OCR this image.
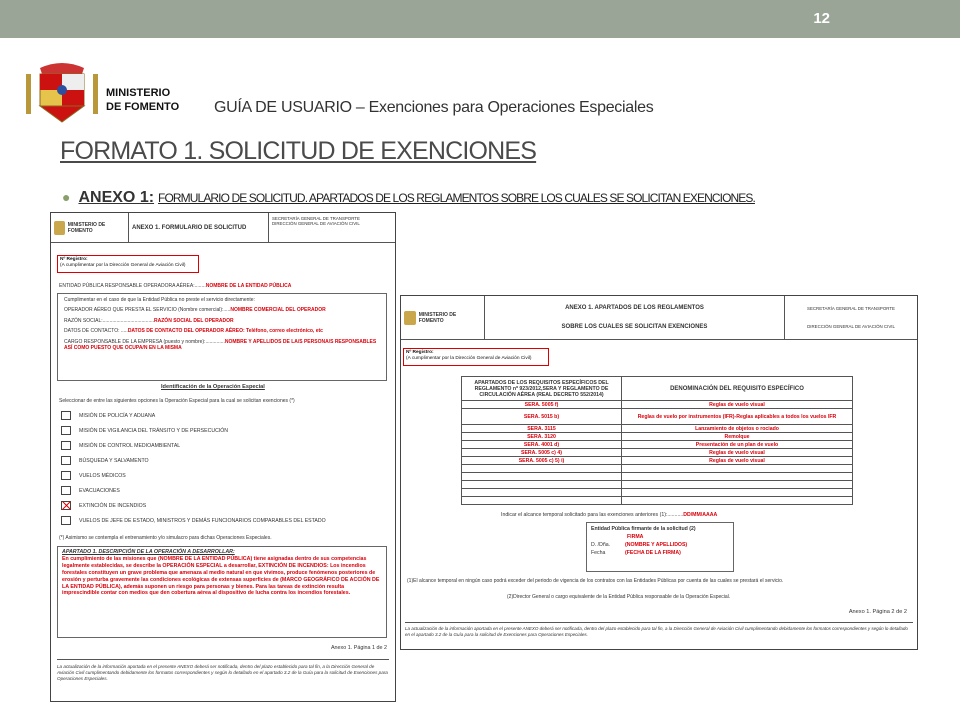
12
MINISTERIO
DE FOMENTO GUÍA DE USUARIO – Exenciones para Operaciones Especiales
FORMATO 1. SOLICITUD DE EXENCIONES
● ANEXO 1: FORMULARIO DE SOLICITUD. APARTADOS DE LOS REGLAMENTOS SOBRE LOS CUALES SE SOLICITAN EXENCIONES.
MINISTERIO DE FOMENTO	ANEXO 1. FORMULARIO DE SOLICITUD
SECRETARÍA GENERAL DE TRANSPORTE
DIRECCIÓN GENERAL DE AVIACIÓN CIVIL
Nº Registro:
(A cumplimentar por la Dirección General de Aviación Civil)
ENTIDAD PÚBLICA RESPONSABLE OPERADORA AÉREA:........NOMBRE DE LA ENTIDAD PÚBLICA
Cumplimentar en el caso de que la Entidad Pública no preste el servicio directamente:
OPERADOR AÉREO QUE PRESTA EL SERVICIO (Nombre comercial):.....NOMBRE COMERCIAL DEL OPERADOR
RAZÓN SOCIAL:.....................................RAZÓN SOCIAL DEL OPERADOR
DATOS DE CONTACTO: .....DATOS DE CONTACTO DEL OPERADOR AÉREO: Teléfono, correo electrónico, etc
CARGO RESPONSABLE DE LA EMPRESA (puesto y nombre):..............NOMBRE Y APELLIDOS DE LA/S PERSONA/S RESPONSABLES ASÍ COMO PUESTO QUE OCUPA/N EN LA MISMA
Identificación de la Operación Especial
Seleccionar de entre las siguientes opciones la Operación Especial para la cual se solicitan exenciones (*)
MISIÓN DE POLICÍA Y ADUANA
MISIÓN DE VIGILANCIA DEL TRÁNSITO Y DE PERSECUCIÓN
MISIÓN DE CONTROL MEDIOAMBIENTAL
BÚSQUEDA Y SALVAMENTO
VUELOS MÉDICOS
EVACUACIONES
EXTINCIÓN DE INCENDIOS
VUELOS DE JEFE DE ESTADO, MINISTROS Y DEMÁS FUNCIONARIOS COMPARABLES DEL ESTADO
(*) Asimismo se contempla el entrenamiento y/o simulacro para dichas Operaciones Especiales.
APARTADO 1. DESCRIPCIÓN DE LA OPERACIÓN A DESARROLLAR:
En cumplimiento de las misiones que (NOMBRE DE LA ENTIDAD PÚBLICA) tiene asignadas dentro de sus competencias legalmente establecidas, se describe la OPERACIÓN ESPECIAL a desarrollar, EXTINCIÓN DE INCENDIOS: Los incendios forestales constituyen un grave problema que amenaza al medio natural en que vivimos, produce fenómenos posteriores de erosión y perturba gravemente las condiciones ecológicas de extensas superficies de (MARCO GEOGRÁFICO DE ACCIÓN DE LA ENTIDAD PÚBLICA), además suponen un riesgo para personas y bienes. Para las tareas de extinción resulta imprescindible contar con medios que den cobertura aérea al dispositivo de lucha contra los incendios forestales.
Anexo 1. Página 1 de 2
La actualización de la información aportada en el presente ANEXO deberá ser notificada, dentro del plazo establecido para tal fin, a la Dirección General de Aviación Civil cumplimentando debidamente los formatos correspondientes y según lo detallado en el apartado 3.2 de la Guía para la solicitud de Exenciones para Operaciones Especiales.
MINISTERIO DE FOMENTO
ANEXO 1. APARTADOS DE LOS REGLAMENTOS
SOBRE LOS CUALES SE SOLICITAN EXENCIONES
SECRETARÍA GENERAL DE TRANSPORTE
DIRECCIÓN GENERAL DE AVIACIÓN CIVIL
Nº Registro:
(A cumplimentar por la Dirección General de Aviación Civil)
APARTADOS DE LOS REQUISITOS ESPECÍFICOS DEL REGLAMENTO nº 923/2012,SERA Y REGLAMENTO DE CIRCULACIÓN AÉREA (REAL DECRETO 552/2014)	DENOMINACIÓN DEL REQUISITO ESPECÍFICO
SERA. 5005 f)	Reglas de vuelo visual
SERA. 5015 b)	Reglas de vuelo por instrumentos (IFR)-Reglas aplicables a todos los vuelos IFR
SERA. 3115	Lanzamiento de objetos o rociado
SERA. 3120	Remolque
SERA. 4001 d)	Presentación de un plan de vuelo
SERA. 5005 c) 4)	Reglas de vuelo visual
SERA. 5005 c) 5) i)	Reglas de vuelo visual

Indicar el alcance temporal solicitado para las exenciones anteriores (1):...........DD/MM/AAAA
Entidad Pública firmante de la solicitud (2)
FIRMA
D. /Dña.	(NOMBRE Y APELLIDOS)
Fecha	(FECHA DE LA FIRMA)
(1)El alcance temporal en ningún caso podrá exceder del periodo de vigencia de los contratos con las Entidades Públicas por cuenta de las cuales se prestará el servicio.
(2)Director General o cargo equivalente de la Entidad Pública responsable de la Operación Especial.
Anexo 1. Página 2 de 2
La actualización de la información aportada en el presente ANEXO deberá ser notificada, dentro del plazo establecido para tal fin, a la Dirección General de Aviación Civil cumplimentando debidamente los formatos correspondientes y según lo detallado en el apartado 3.2 de la Guía para la solicitud de Exenciones para Operaciones Especiales.
